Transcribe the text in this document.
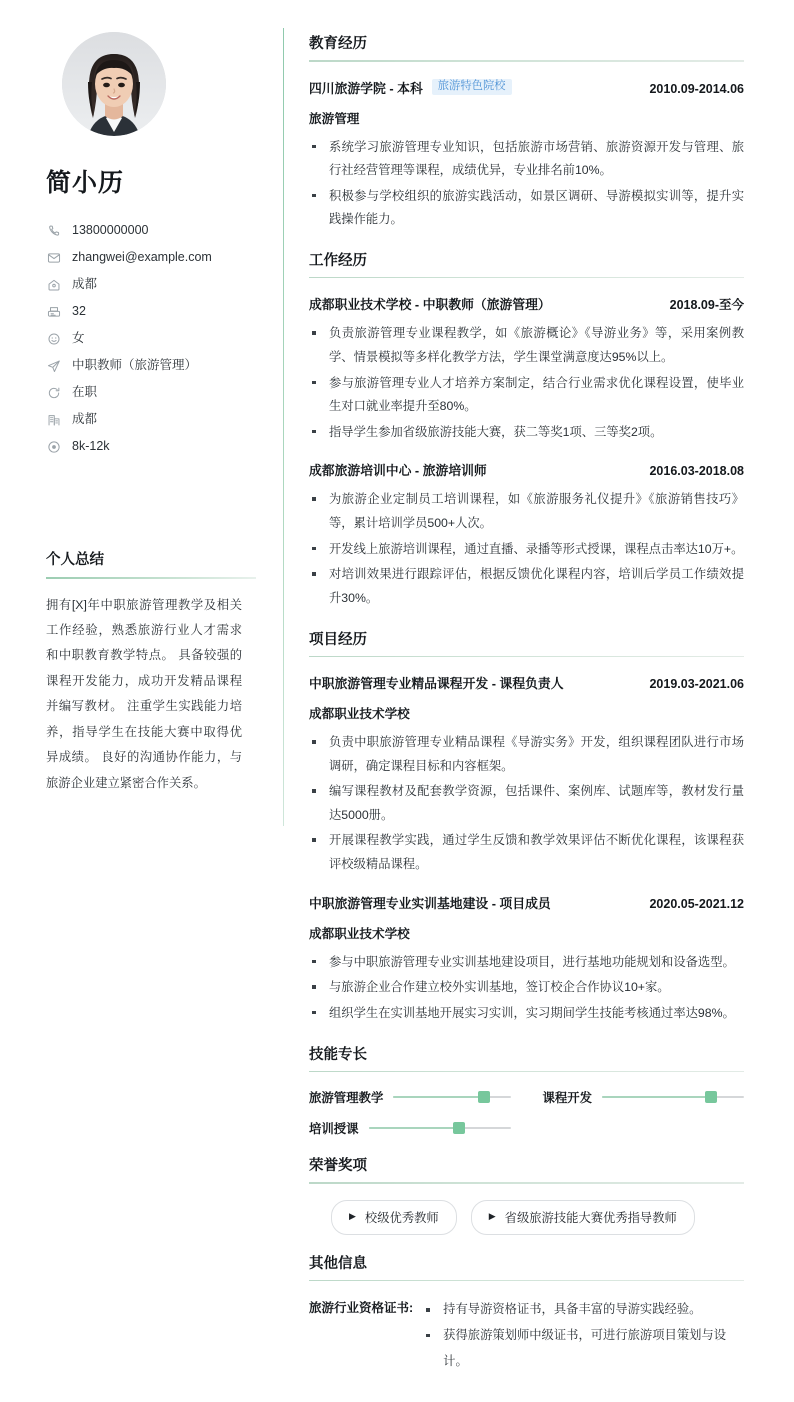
简小历
13800000000
zhangwei@example.com
成都
32
女
中职教师（旅游管理）
在职
成都
8k-12k
个人总结

拥有[X]年中职旅游管理教学及相关工作经验，熟悉旅游行业人才需求和中职教育教学特点。 具备较强的课程开发能力，成功开发精品课程并编写教材。 注重学生实践能力培养，指导学生在技能大赛中取得优异成绩。 良好的沟通协作能力，与旅游企业建立紧密合作关系。

教育经历
四川旅游学院 - 本科	旅游特色院校	2010.09-2014.06
旅游管理
系统学习旅游管理专业知识，包括旅游市场营销、旅游资源开发与管理、旅行社经营管理等课程，成绩优异，专业排名前10%。
积极参与学校组织的旅游实践活动，如景区调研、导游模拟实训等，提升实践操作能力。
工作经历
成都职业技术学校 - 中职教师（旅游管理）	2018.09-至今
负责旅游管理专业课程教学，如《旅游概论》《导游业务》等，采用案例教学、情景模拟等多样化教学方法，学生课堂满意度达95%以上。
参与旅游管理专业人才培养方案制定，结合行业需求优化课程设置，使毕业生对口就业率提升至80%。
指导学生参加省级旅游技能大赛，获二等奖1项、三等奖2项。
成都旅游培训中心 - 旅游培训师	2016.03-2018.08
为旅游企业定制员工培训课程，如《旅游服务礼仪提升》《旅游销售技巧》等，累计培训学员500+人次。
开发线上旅游培训课程，通过直播、录播等形式授课，课程点击率达10万+。
对培训效果进行跟踪评估，根据反馈优化课程内容，培训后学员工作绩效提升30%。
项目经历
中职旅游管理专业精品课程开发 - 课程负责人	2019.03-2021.06
成都职业技术学校
负责中职旅游管理专业精品课程《导游实务》开发，组织课程团队进行市场调研，确定课程目标和内容框架。
编写课程教材及配套教学资源，包括课件、案例库、试题库等，教材发行量达5000册。
开展课程教学实践，通过学生反馈和教学效果评估不断优化课程，该课程获评校级精品课程。
中职旅游管理专业实训基地建设 - 项目成员	2020.05-2021.12
成都职业技术学校
参与中职旅游管理专业实训基地建设项目，进行基地功能规划和设备选型。
与旅游企业合作建立校外实训基地，签订校企合作协议10+家。
组织学生在实训基地开展实习实训，实习期间学生技能考核通过率达98%。
技能专长
旅游管理教学	课程开发
培训授课
荣誉奖项
▶ 校级优秀教师	▶ 省级旅游技能大赛优秀指导教师
其他信息
旅游行业资格证书:	持有导游资格证书，具备丰富的导游实践经验。
获得旅游策划师中级证书，可进行旅游项目策划与设计。
